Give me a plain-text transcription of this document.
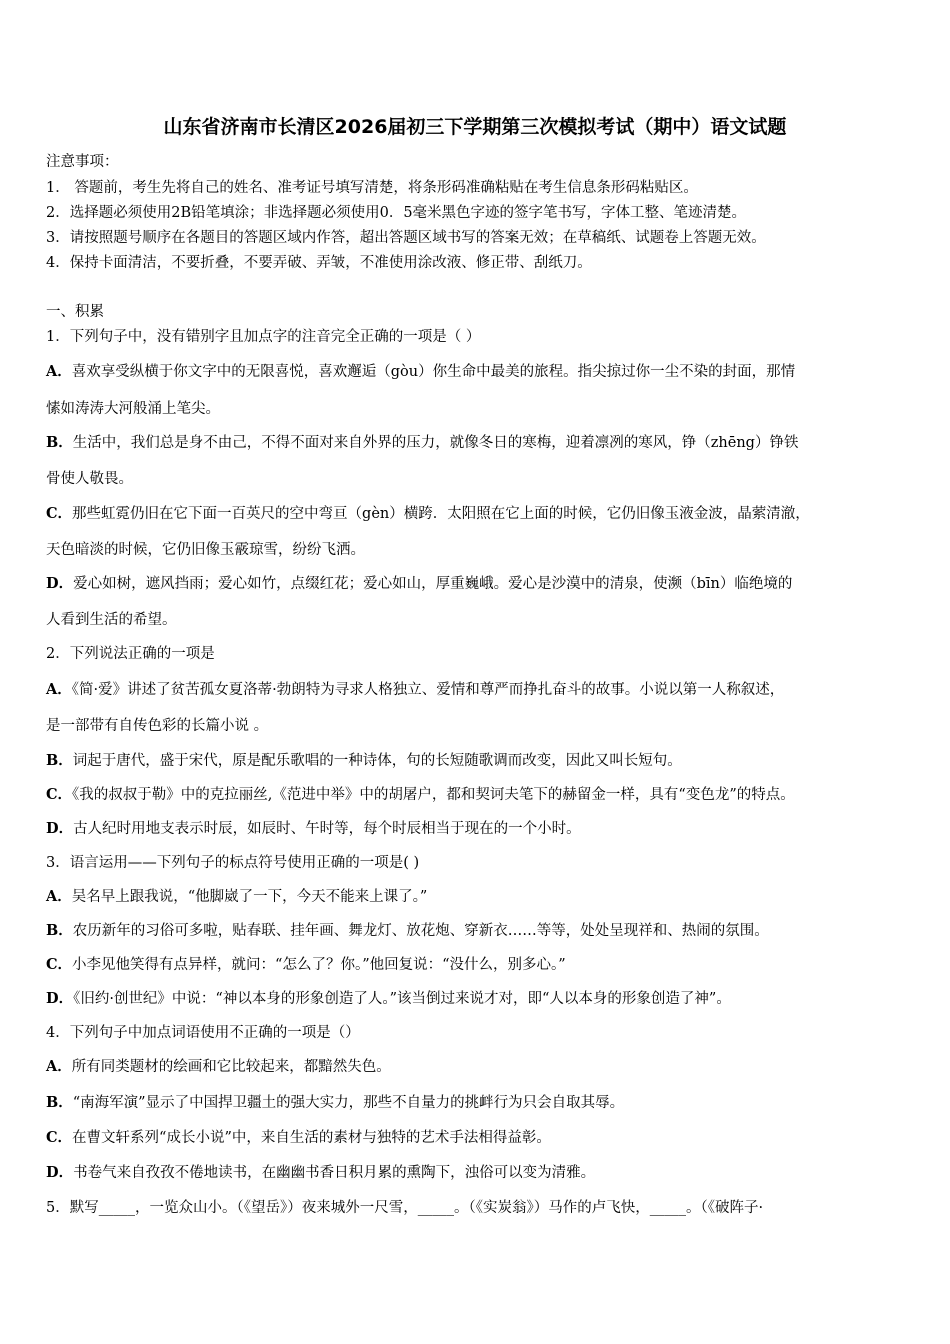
山东省济南市长清区2026届初三下学期第三次模拟考试（期中）语文试题
注意事项：
1． 答题前，考生先将自己的姓名、准考证号填写清楚，将条形码准确粘贴在考生信息条形码粘贴区。
2．选择题必须使用2B铅笔填涂；非选择题必须使用0．5毫米黑色字迹的签字笔书写，字体工整、笔迹清楚。
3．请按照题号顺序在各题目的答题区域内作答，超出答题区域书写的答案无效；在草稿纸、试题卷上答题无效。
4．保持卡面清洁，不要折叠，不要弄破、弄皱，不准使用涂改液、修正带、刮纸刀。
一、积累
1．下列句子中，没有错别字且加点字的注音完全正确的一项是（ ）
A．喜欢享受纵横于你文字中的无限喜悦，喜欢邂逅（gòu）你生命中最美的旅程。指尖掠过你一尘不染的封面，那情
愫如涛涛大河般涌上笔尖。
B．生活中，我们总是身不由己，不得不面对来自外界的压力，就像冬日的寒梅，迎着凛冽的寒风，铮（zhēng）铮铁
骨使人敬畏。
C．那些虹霓仍旧在它下面一百英尺的空中弯亘（gèn）横跨．太阳照在它上面的时候，它仍旧像玉液金波，晶萦清澈，
天色暗淡的时候，它仍旧像玉霰琼雪，纷纷飞洒。
D．爱心如树，遮风挡雨；爱心如竹，点缀红花；爱心如山，厚重巍峨。爱心是沙漠中的清泉，使濒（bīn）临绝境的
人看到生活的希望。
2．下列说法正确的一项是
A．《简·爱》讲述了贫苦孤女夏洛蒂·勃朗特为寻求人格独立、爱情和尊严而挣扎奋斗的故事。小说以第一人称叙述，
是一部带有自传色彩的长篇小说 。
B．词起于唐代，盛于宋代，原是配乐歌唱的一种诗体，句的长短随歌调而改变，因此又叫长短句。
C．《我的叔叔于勒》中的克拉丽丝,《范进中举》中的胡屠户，都和契诃夫笔下的赫留金一样，具有“变色龙”的特点。
D．古人纪时用地支表示时辰，如辰时、午时等，每个时辰相当于现在的一个小时。
3．语言运用——下列句子的标点符号使用正确的一项是( )
A．吴名早上跟我说，“他脚崴了一下，今天不能来上课了。”
B．农历新年的习俗可多啦，贴春联、挂年画、舞龙灯、放花炮、穿新衣……等等，处处呈现祥和、热闹的氛围。
C．小李见他笑得有点异样，就问：“怎么了？你。”他回复说：“没什么，别多心。”
D．《旧约·创世纪》中说：“神以本身的形象创造了人。”该当倒过来说才对，即“人以本身的形象创造了神”。
4．下列句子中加点词语使用不正确的一项是（）
A．所有同类题材的绘画和它比较起来，都黯然失色。
B．“南海军演”显示了中国捍卫疆土的强大实力，那些不自量力的挑衅行为只会自取其辱。
C．在曹文轩系列“成长小说”中，来自生活的素材与独特的艺术手法相得益彰。
D．书卷气来自孜孜不倦地读书，在幽幽书香日积月累的熏陶下，浊俗可以变为清雅。
5．默写_____，一览众山小。（《望岳》）夜来城外一尺雪，_____。（《实炭翁》）马作的卢飞快，_____。（《破阵子·
